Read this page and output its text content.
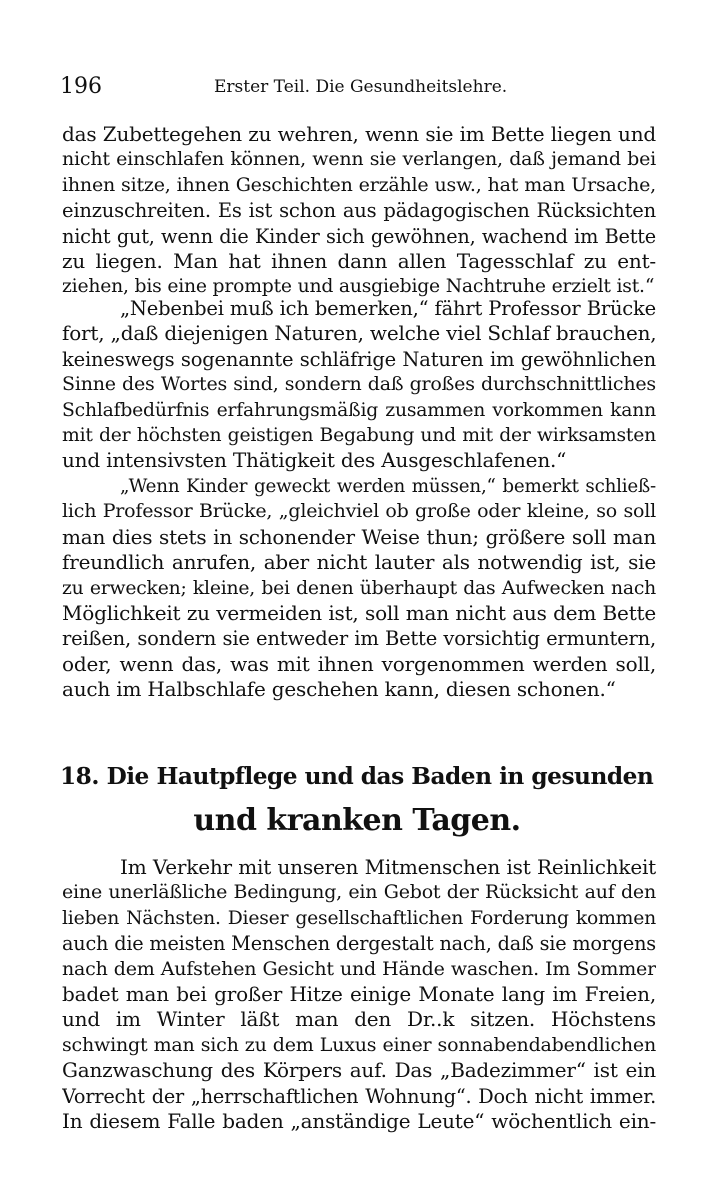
196	Erster Teil. Die Gesundheitslehre.
das Zubettegehen zu wehren, wenn sie im Bette liegen und
nicht einschlafen können, wenn sie verlangen, daß jemand bei
ihnen sitze, ihnen Geschichten erzähle usw., hat man Ursache,
einzuschreiten. Es ist schon aus pädagogischen Rücksichten
nicht gut, wenn die Kinder sich gewöhnen, wachend im Bette
zu liegen. Man hat ihnen dann allen Tagesschlaf zu ent-
ziehen, bis eine prompte und ausgiebige Nachtruhe erzielt ist.“
„Nebenbei muß ich bemerken,“ fährt Professor Brücke
fort, „daß diejenigen Naturen, welche viel Schlaf brauchen,
keineswegs sogenannte schläfrige Naturen im gewöhnlichen
Sinne des Wortes sind, sondern daß großes durchschnittliches
Schlafbedürfnis erfahrungsmäßig zusammen vorkommen kann
mit der höchsten geistigen Begabung und mit der wirksamsten
und intensivsten Thätigkeit des Ausgeschlafenen.“
„Wenn Kinder geweckt werden müssen,“ bemerkt schließ-
lich Professor Brücke, „gleichviel ob große oder kleine, so soll
man dies stets in schonender Weise thun; größere soll man
freundlich anrufen, aber nicht lauter als notwendig ist, sie
zu erwecken; kleine, bei denen überhaupt das Aufwecken nach
Möglichkeit zu vermeiden ist, soll man nicht aus dem Bette
reißen, sondern sie entweder im Bette vorsichtig ermuntern,
oder, wenn das, was mit ihnen vorgenommen werden soll,
auch im Halbschlafe geschehen kann, diesen schonen.“
18. Die Hautpflege und das Baden in gesunden
und kranken Tagen.
Im Verkehr mit unseren Mitmenschen ist Reinlichkeit
eine unerläßliche Bedingung, ein Gebot der Rücksicht auf den
lieben Nächsten. Dieser gesellschaftlichen Forderung kommen
auch die meisten Menschen dergestalt nach, daß sie morgens
nach dem Aufstehen Gesicht und Hände waschen. Im Sommer
badet man bei großer Hitze einige Monate lang im Freien,
und im Winter läßt man den Dr..k sitzen. Höchstens
schwingt man sich zu dem Luxus einer sonnabendabendlichen
Ganzwaschung des Körpers auf. Das „Badezimmer“ ist ein
Vorrecht der „herrschaftlichen Wohnung“. Doch nicht immer.
In diesem Falle baden „anständige Leute“ wöchentlich ein-
